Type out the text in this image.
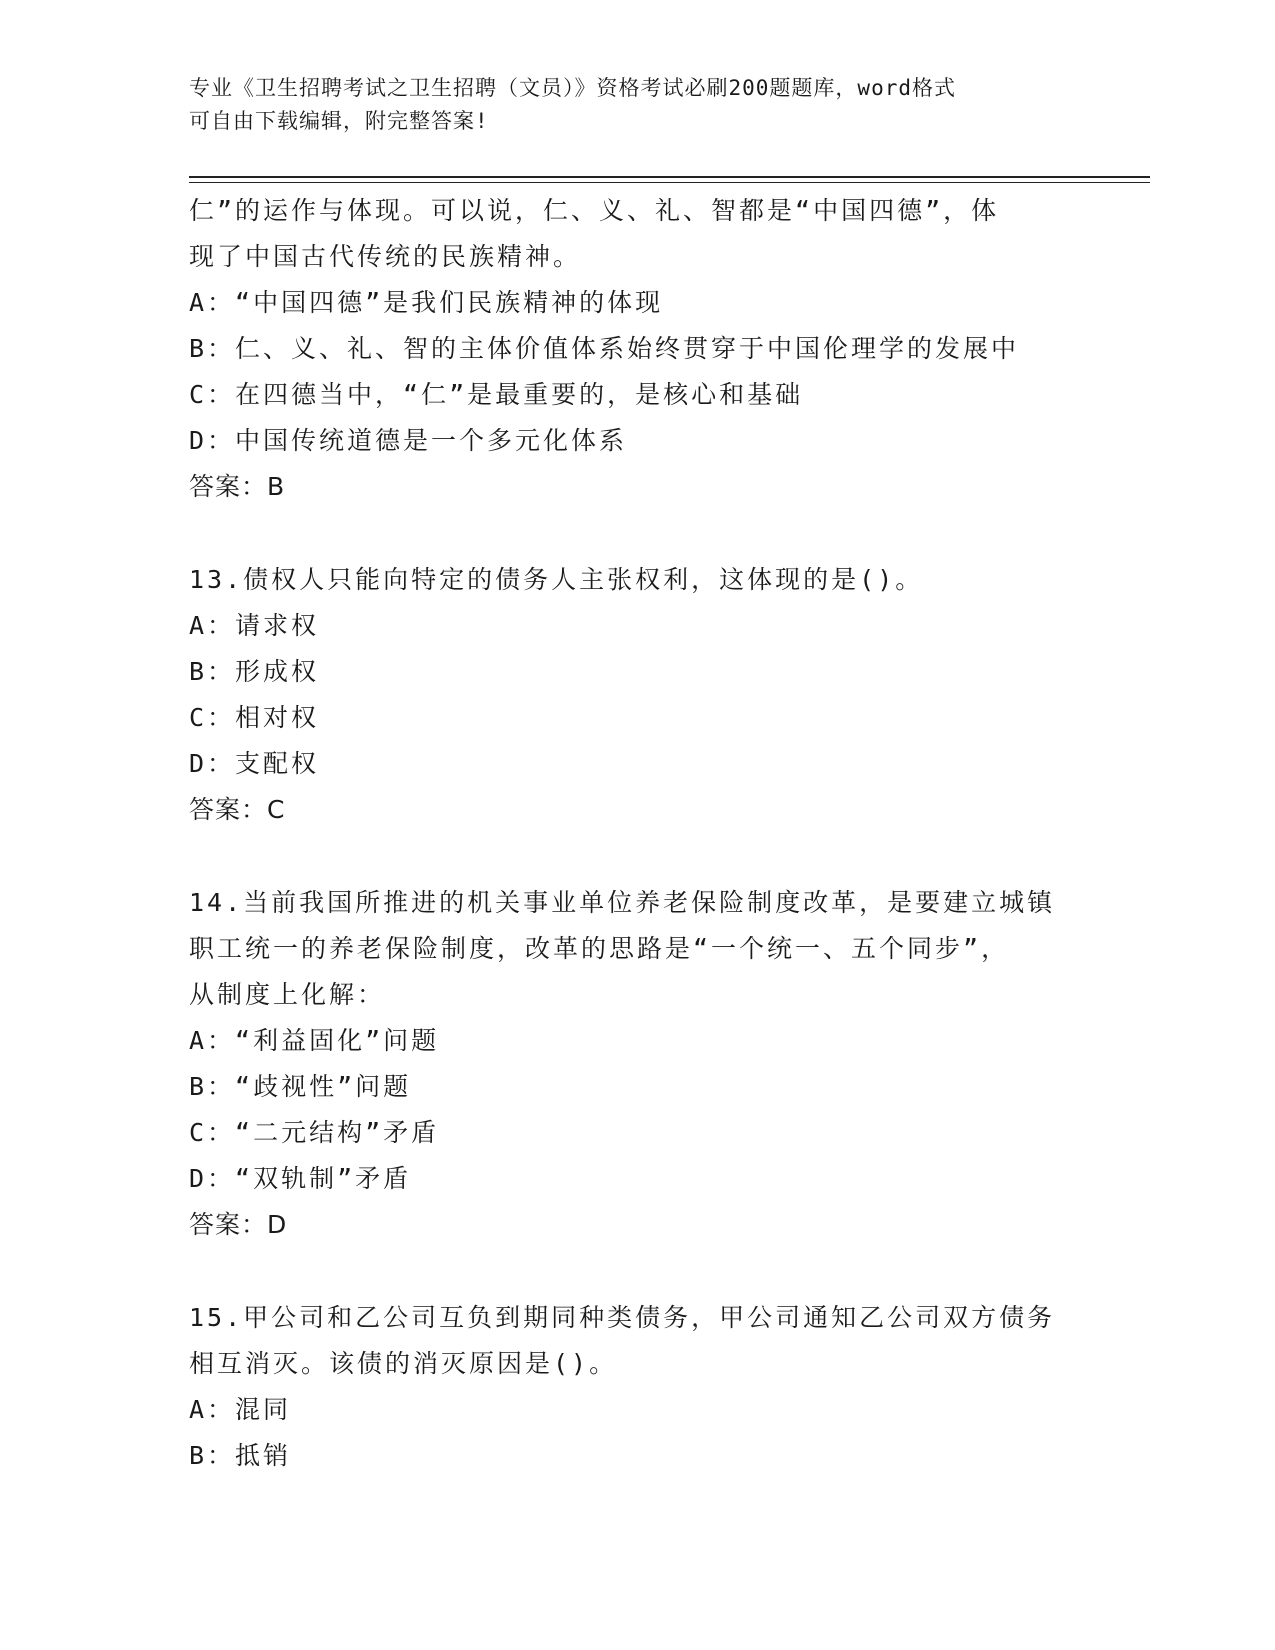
专业《卫生招聘考试之卫生招聘（文员）》资格考试必刷200题题库，word格式
可自由下载编辑，附完整答案!
仁”的运作与体现。可以说，仁、义、礼、智都是“中国四德”，体
现了中国古代传统的民族精神。
A：“中国四德”是我们民族精神的体现
B：仁、义、礼、智的主体价值体系始终贯穿于中国伦理学的发展中
C：在四德当中，“仁”是最重要的，是核心和基础
D：中国传统道德是一个多元化体系
答案：B
13.债权人只能向特定的债务人主张权利，这体现的是()。
A：请求权
B：形成权
C：相对权
D：支配权
答案：C
14.当前我国所推进的机关事业单位养老保险制度改革，是要建立城镇
职工统一的养老保险制度，改革的思路是“一个统一、五个同步”，
从制度上化解：
A：“利益固化”问题
B：“歧视性”问题
C：“二元结构”矛盾
D：“双轨制”矛盾
答案：D
15.甲公司和乙公司互负到期同种类债务，甲公司通知乙公司双方债务
相互消灭。该债的消灭原因是()。
A：混同
B：抵销
